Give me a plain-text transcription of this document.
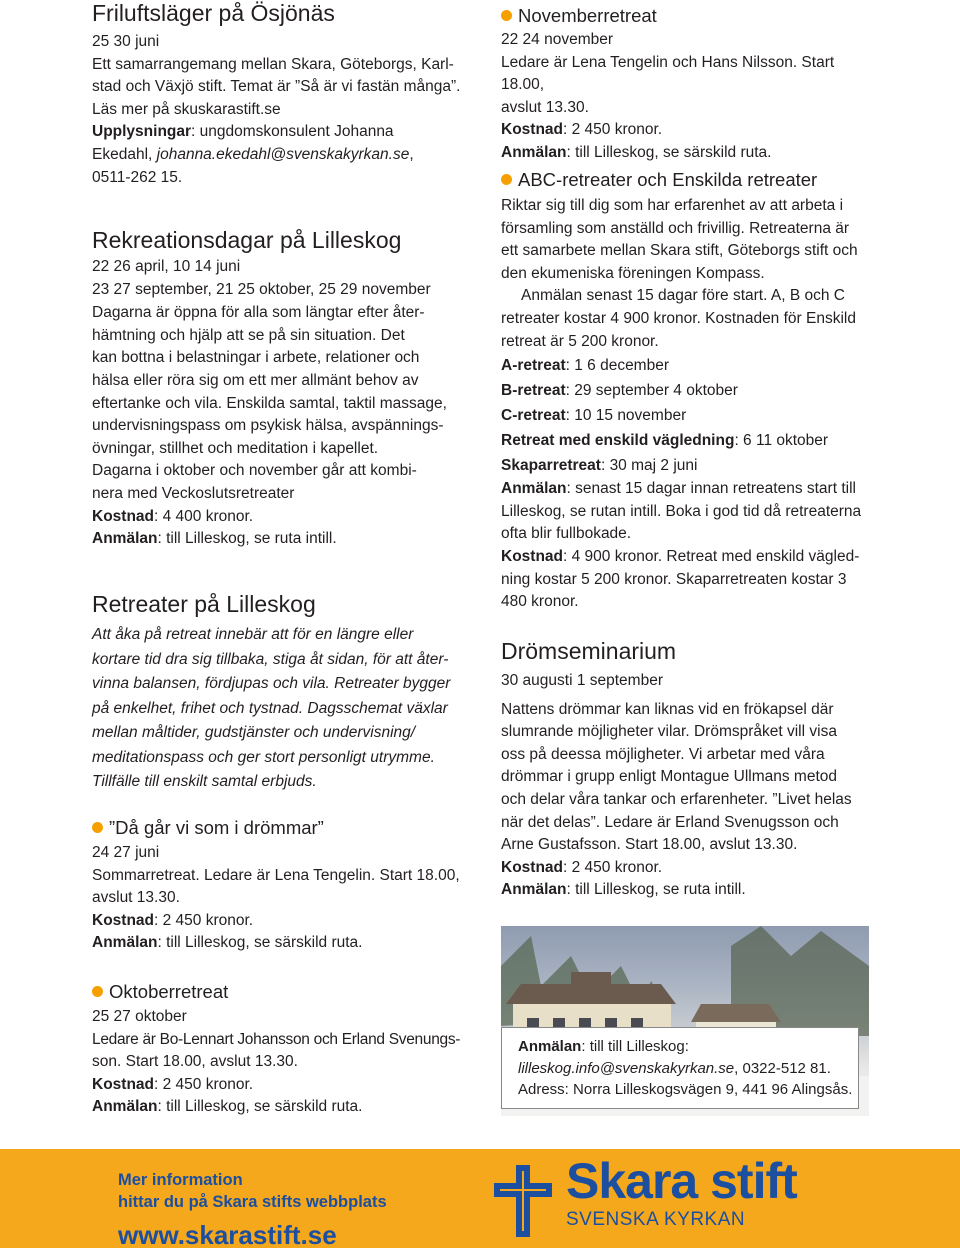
Friluftsläger på Ösjönäs

25 30 juni

Ett samarrangemang mellan Skara, Göteborgs, Karl-

stad och Växjö stift. Temat är ”Så är vi fastän många”.

Läs mer på skuskarastift.se

Upplysningar: ungdomskonsulent Johanna

Ekedahl, johanna.ekedahl@svenskakyrkan.se,

0511-262 15.

Rekreationsdagar på Lilleskog

22 26 april, 10 14 juni

23 27 september, 21 25 oktober, 25 29 november

Dagarna är öppna för alla som längtar efter åter-

hämtning och hjälp att se på sin situation. Det

kan bottna i belastningar i arbete, relationer och

hälsa eller röra sig om ett mer allmänt behov av

eftertanke och vila. Enskilda samtal, taktil massage,

undervisningspass om psykisk hälsa, avspännings-

övningar, stillhet och meditation i kapellet.

Dagarna i oktober och november går att kombi-

nera med Veckoslutsretreater

Kostnad: 4 400 kronor.

Anmälan: till Lilleskog, se ruta intill.

Retreater på Lilleskog

Att åka på retreat innebär att för en längre eller

kortare tid dra sig tillbaka, stiga åt sidan, för att åter-

vinna balansen, fördjupas och vila. Retreater bygger

på enkelhet, frihet och tystnad. Dagsschemat växlar

mellan måltider, gudstjänster och undervisning/

meditationspass och ger stort personligt utrymme.

Tillfälle till enskilt samtal erbjuds.

”Då går vi som i drömmar”

24 27 juni

Sommarretreat. Ledare är Lena Tengelin. Start 18.00,

avslut 13.30.

Kostnad: 2 450 kronor.

Anmälan: till Lilleskog, se särskild ruta.

Oktoberretreat

25 27 oktober

Ledare är Bo-Lennart Johansson och Erland Svenungs-

son. Start 18.00, avslut 13.30.

Kostnad: 2 450 kronor.

Anmälan: till Lilleskog, se särskild ruta.

Novemberretreat

22 24 november

Ledare är Lena Tengelin och Hans Nilsson. Start 18.00,

avslut 13.30.

Kostnad: 2 450 kronor.

Anmälan: till Lilleskog, se särskild ruta.

ABC-retreater och Enskilda retreater

Riktar sig till dig som har erfarenhet av att arbeta i

församling som anställd och frivillig. Retreaterna är

ett samarbete mellan Skara stift, Göteborgs stift och

den ekumeniska föreningen Kompass.

Anmälan senast 15 dagar före start. A, B och C

retreater kostar 4 900 kronor. Kostnaden för Enskild

retreat är 5 200 kronor.

A-retreat: 1 6 december

B-retreat: 29 september 4 oktober

C-retreat: 10 15 november

Retreat med enskild vägledning: 6 11 oktober

Skaparretreat: 30 maj 2 juni

Anmälan: senast 15 dagar innan retreatens start till

Lilleskog, se rutan intill. Boka i god tid då retreaterna

ofta blir fullbokade.

Kostnad: 4 900 kronor. Retreat med enskild vägled-

ning kostar 5 200 kronor. Skaparretreaten kostar 3

480 kronor.

Drömseminarium

30 augusti 1 september

Nattens drömmar kan liknas vid en frökapsel där

slumrande möjligheter vilar. Drömspråket vill visa

oss på deessa möjligheter. Vi arbetar med våra

drömmar i grupp enligt Montague Ullmans metod

och delar våra tankar och erfarenheter. ”Livet helas

när det delas”. Ledare är Erland Svenugsson och

Arne Gustafsson. Start 18.00, avslut 13.30.

Kostnad: 2 450 kronor.

Anmälan: till Lilleskog, se ruta intill.

Anmälan: till till Lilleskog:

lilleskog.info@svenskakyrkan.se, 0322-512 81.

Adress: Norra Lilleskogsvägen 9, 441 96 Alingsås.

Mer information
hittar du på Skara stifts webbplats
www.skarastift.se
Skara stift
SVENSKA KYRKAN
